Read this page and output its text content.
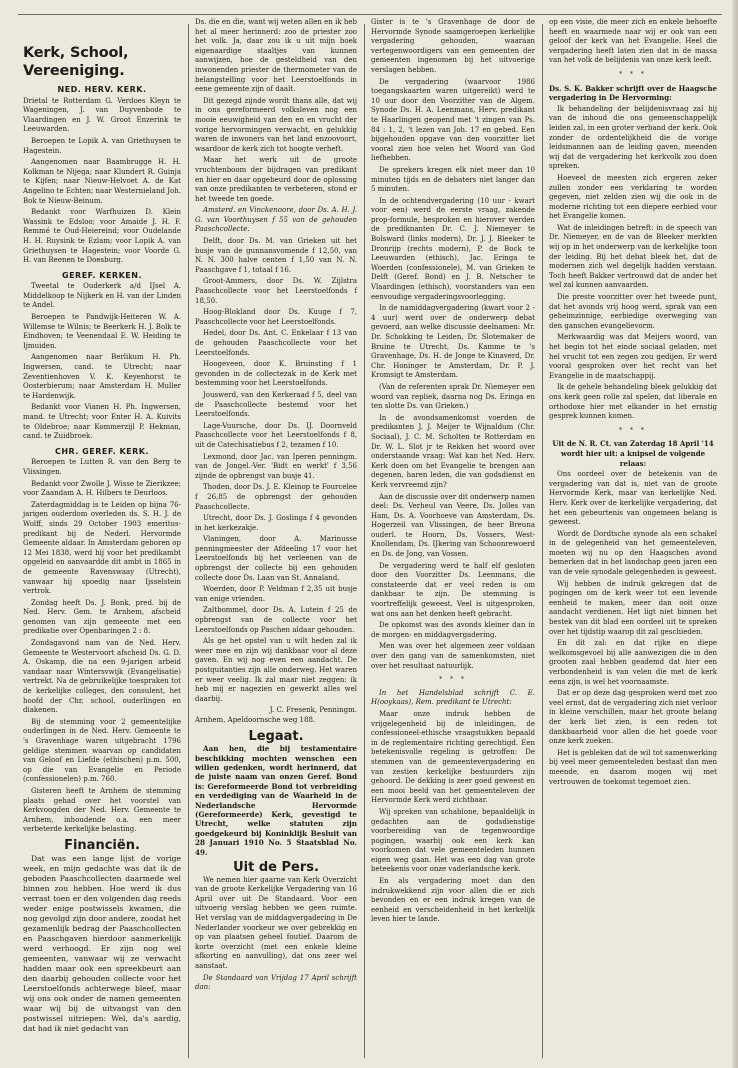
Kerk, School, Vereeniging.
NED. HERV. KERK.

Drietal te Rotterdam G. Verdoes Kleyn te Wageningen, J. van Duyvenbode te Vlaardingen en J. W. Groot Enzerink te Leeuwarden.

Beroepen te Lopik A. van Griethuysen te Hagestein.

Aangenomen naar Baambrugge H. H. Kolkman te Nijega; naar Klundert R. Guinja te Kijfen; naar Nieuw-Helvoet A. de Kat Angelino te Echten; naar Westernieland Joh. Bok te Nieuw-Beinum.

Bedankt voor Warfhuizen D. Klein Wassink te Edsloo; voor Amaide J. H. F. Remmé te Oud-Heiereind; voor Oudelande H. H. Ruysink te Ezlam; voor Lopik A. van Griethuysen te Hagestein; voor Voorde G. H. van Reenen te Doesburg.

GEREF. KERKEN.

Tweetal te Ouderkerk a/d IJsel A. Middelkoop te Nijkerk en H. van der Linden te Andel.

Beroepen te Pandwijk-Heiteren W. A. Willemse te Wilnis; te Beerkerk H. J. Bolk te Eindhoven; te Veenendaal E. W. Heiding te Ijmuiden.

Aangenomen naar Berlikum H. Ph. Ingwersen, cand. te Utrecht; naar Zeventienhoven V. K. Keyenhorst te Oosterbierum; naar Amsterdam H. Muller te Hardenwijk.

Bedankt voor Vianen H. Ph. Ingwersen, mand. te Utrecht; voor Enter H. A. Kuivits te Oldebroe; naar Kommerzijl P. Hekman, cand. te Zuidbroek.

CHR. GEREF. KERK.

Beroepen te Lutten R. van den Berg te Vlissingen.

Bedankt voor Zwolle J. Wisse te Zierikzee; voor Zaandam A. H. Hilbers te Deurloos.

Zaterdagmiddag is te Leiden op bijna 76-jarigen ouderdom overleden ds. S. H. J. de Wolff, sinds 29 October 1903 emeritus-predikant bij de Nederl. Hervormde Gemeente aldaar. In Amsterdam geboren op 12 Mei 1838, werd hij voor het predikambt opgeleid en aanvaardde dit ambt in 1865 in de gemeente Ravenswaay (Utrecht), vanwaar hij spoedig naar Ijsselstein vertrok.

Zondag heeft Ds. J. Bonk, pred. bij de Ned. Herv. Gem. te Arnhem, afscheid genomen van zijn gemeente met een predikatie over Openbaringen 2 : 8.

Zondagavond nam van de Ned. Herv. Gemeente te Westervoort afscheid Ds. G. D. A. Oskamp, die na een 9-jarigen arbeid vandaar naar Wintersvwijk (Evangelisatie) vertrekt. Na de gebruikelijke toespraken tot de kerkelijke colleges, den consulent, het hoofd der Chr. school, ouderlingen en diakenen.

Bij de stemming voor 2 gemeentelijke ouderlingen in de Ned. Herv. Gemeente te 's Gravenhage waren uitgebracht 1796 geldige stemmen waarvan op candidaten van Geloof en Liefde (ethischen) p.m. 500, op die van Evangelie en Periode (confessionelen) p.m. 760.

Gisteren heeft te Arnhem de stemming plaats gehad over het voorstel van Kerkvoogden der Ned. Herv. Gemeente te Arnhem, inhoudende o.a. een meer verbeterde kerkelijke belasting.

Financiën.

Dat was een lange lijst de vorige week, en mijn gedachte was dat ik de geboden Paaschcollecten daarmede wel binnen zou hebben. Hoe werd ik dus verrast toen er den volgenden dag reeds weder enige postwissels kwamen, die nog gevolgd zijn door andere, zoodat het gezamenlijk bedrag der Paaschcollecten en Paaschgaven hierdoor aanmerkelijk werd verhoogd. Er zijn nog wel gemeenten, vanwaar wij ze verwacht hadden maar ook een spreekbeurt aan den daarbij gehouden collecte voor het Leerstoelfonds achterwege bleef, maar wij ons ook onder de namen gemeenten waar wij bij de uitvangst van den postwissel uitriepen: Wel, da's aardig, dat had ik niet gedacht van

Ds. die en die, want wij weten allen en ik heb het al meer herinnerd: zoo de priester zoo het volk. Ja, daar zou ik u uit mijn boek eigenaardige staaltjes van kunnen aanwijzen, hoe de gesteldheid van den inwonenden priester de thermometer van de belangstelling voor het Leerstoelfonds in eene gemeente zijn of daalt.

Dit gezegd zijnde wordt thans alle, dat wij in ons gereformeerd volksleven nog een mooie eeuwigheid van den en en vrucht der vorige hervormingen verwacht, en gelukkig waren de inwoners van het land enzoovoort, waardoor de kerk zich tot hoogte verheft.

Maar het werk uit de groote vruchtenboom der bijdragen van predikant en hier en daar opgebeurd door de oplossing van onze predikanten te verbeteren, stond er het tweede ten goede.

Amsterd. en Vinckenoore, door Ds. A. H. J. G. van Voorthuysen f 55 van de gehouden Paaschcollecte.

Delft, door Ds. M. van Grieken uit het busje van de gunnansvomende f 12,50, van N. N. 300 halve centen f 1,50 van N. N. Paaschgave f 1, totaal f 16.

Groot-Ammers, door Ds. W. Zijlstra Paaschcollecte voor het Leerstoelfonds f 18,50.

Hoog-Blokland door Ds. Kuuge f 7, Paaschcollecte voor het Leerstoelfonds.

Hedel, door Ds. Ant. C. Enkelaar f 13 van de gehouden Paaschcollecte voor het Leerstoelfonds.

Hoogeveen, door K. Bruinsting f 1 gevonden in de collectezak in de Kerk met bestemming voor het Leerstoelfonds.

Jouswerd, van den Kerkeraad f 5, deel van de Paaschcollecte bestemd voor het Leerstoelfonds.

Lage-Vuursche, door Ds. IJ. Doornveld Paaschcollecte voor het Leerstoelfonds f 8, uit de Catechisatiebus f 2, tezamen f 10.

Lexmond, door Jac. van Iperen penningm. van de Jongel.-Ver. 'Bidt en werkt' f 3,56 zijnde de opbrengst van busje 41.

Thoden, door Ds. J. E. Kleinop te Fourcelee f 26,85 de opbrengst der gehouden Paaschcollecte.

Utrecht, door Ds. J. Goslinga f 4 gevonden in het kerkezakje.

Vlaningen, door A. Marinusse penningmeester der Afdeeling 17 voor het Leerstoelfonds bij het verleenen van de opbrengst der collecte bij een gehouden collecte door Ds. Laan van St. Annaland.

Woerden, door P. Veldman f 2,35 uit busje van enige vrienden.

Zaltbommel, door Ds. A. Lutein f 25 de opbrengst van de collecte voor het Leerstoelfonds op Paschen aldaar gehouden.

Als ge het opstel van u wilt heden zal ik weer mee en zijn wij dankbaar voor al deze gaven. En wij nog even een aandacht. De postquitanties zijn alle onderweg. Het waren er weer veelig. Ik zal maar niet zeggen: ik heb mij er nagezien en gewerkt alles wel daarbij.

J. C. Fresenk, Penningm.
Arnhem, Apeldoornsche weg 188.
Legaat.

Aan hen, die bij testamentaire beschikking mochten wenschen een willen gedenken, wordt herinnerd, dat de juiste naam van onzen Geref. Bond is: Gereformeerde Bond tot verbreiding en verdediging van de Waarheid in de Nederlandsche Hervormde (Gereformeerde) Kerk, gevestigd te Utrecht, welke statuten zijn goedgekeurd bij Koninklijk Besluit van 28 Januari 1910 No. 5 Staatsblad No. 49.

Uit de Pers.

We nemen hier gaarne van Kerk Overzicht van de groote Kerkelijke Vergadering van 16 April over uit De Standaard. Voor een uitvoerig verslag hebben we geen ruimte. Het verslag van de middagvergadering in De Nederlander voorkeur we over gebrekkig en op van plaatsen geheel foutief. Daarom de korte overzicht (met een enkele kleine afkorting en aanvulling), dat ons zeer wel aanstaat.

De Standaard van Vrijdag 17 April schrijft dan:

Gister is te 's Gravenhage de door de Hervormde Synode saamgeroepen kerkelijke vergadering gehouden, waaraan vertegenwoordigers van een gemeenten der gemeenten ingenomen bij het uitvoerige verslagen hebben.

De vergadering (waarvoor 1986 toegangskaarten waren uitgereikt) werd te 10 uur door den Voorzitter van de Algem. Synode Ds. H. A. Leenmans, Herv. predikant te Haarlingen geopend met 't zingen van Ps. 84 : 1, 2, 't lezen van Joh. 17 en gebed. Een bijgehouden opgave van den voorzitter liet vooral zien hoe velen het Woord van God liefhebben.

De sprekers kregen elk niet meer dan 10 minuten tijds en de debaters niet langer dan 5 minuten.

In de ochtendvergadering (10 uur - kwart voor een) werd de eerste vraag, zakende prop-formule, besproken en hierover werden de prediknanten Dr. C. J. Niemeyer te Bolsward (links modern), Dr. J. J. Bleeker te Dronrijp (rechts modern), P. de Bock te Leeuwarden (ethisch), Jac. Eringa te Woerden (confessionele), M. van Grieken te Delft (Geref. Bond) en J. B. Netscher te Vlaardingen (ethisch), voorstanders van een eenvoudige vergaderingsvoorlegging.

In de namiddagvergadering (kwart voor 2 - 4 uur) werd over de onderwerp debat gevoerd, aan welke discussie deelnamen: Mr. Dr. Schokking te Leiden, Dr. Slotemaker de Bruine te Utrecht, Ds. Kamme te 's Gravenhage, Ds. H. de Jonge te Kinaverd, Dr. Chr. Honinger te Amsterdam, Dr. P. J. Kromsigt te Amsterdam.

(Van de referenten sprak Dr. Niemeyer een woord van repliek, daarna nog Ds. Eringa en ten slotte Ds. van Grieken.)

In de avondsamenkomst voerden de predikanten J. J. Meijer te Wijnaldum (Chr. Sociaal), J. C. M. Scholten te Rotterdam en Dr. W. L. Slot jr te Rekken het woord over onderstaande vraag: Wat kan het Ned. Herv. Kerk doen om het Evangelie te brengen aan degenen, haren leden, die van godsdienst en Kerk vervreemd zijn?

Aan de discussie over dit onderwerp namen deel: Ds. Verheul van Veere, Ds. Jolles van Ham, Ds. A. Voorhoeve van Amsterdam, Ds. Hogerzeil van Vlissingen, de heer Breuna ouderl. te Hoorn, Ds. Vossers, West-Knollendam, Ds. IJkering van Schoonrewoerd en Ds. de Jong, van Vossen.

De vergadering werd te half elf gesloten door den Voorzitter Ds. Leenmans, die constateerde dat er veel reden is om dankbaar te zijn. De stemming is voortreffelijk geweest. Veel is uitgesproken, wat ons aan het denken heeft gebracht.

De opkomst was des avonds kleiner dan in de morgen- en middagvergadering.

Men was over het algemeen zeer voldaan over den gang van de samenkomsten, niet over het resultaat natuurlijk.

* * *

In het Handelsblad schrijft C. E. H(ooykaas), Rem. predikant te Utrecht:

Maar onze indruk hebben de vrijgelegenheid bij de inleidingen, de confessioneel-ethische vraagstukken bepaald in de reglementaire richting gerechtigd. Een betekenisvolle regeling is getroffen: De stemmen van de gemeentevergadering en van zestien kerkelijke bestuurders zijn gehoord. De dekking is zeer goed geweest en een mooi beeld van het gemeenteleven der Hervormde Kerk werd zichtbaar.

Wij spreken van schablone, bepaaldelijk in gedachten aan de godsdienstige voorbereiding van de tegenwoordige pogingen, waarbij ook een kerk kan voorkomen dat vele gemeenteleden hunnen eigen weg gaan. Het was een dag van grote beteekenis voor onze vaderlandsche kerk.

En als vergadering moet dan den indrukwekkend zijn voor allen die er zich bevonden en er een indruk kregen van de eenheid en verscheidenheid in het kerkelijk leven hier te lande.

op een visie, die meer zich en enkele behoefte heeft en waarmede naar wij er ook van een geloof der kerk van het Evangelie. Heel die vergadering heeft laten zien dat in de massa van het volk de belijdenis van onze kerk leeft.

* * *

Ds. S. K. Bakker schrijft over de Haagsche vergadering in De Hervorming:

Ik behandeling der belijdenisvraag zal hij van de inhoud die ons gemeenschappelijk leiden zal, in een groter verband der kerk. Ook zonder de ordentelijkheid die de vorige leidsmannen aan de leiding gaven, meenden wij dat de vergadering het kerkvolk zou doen spreken.

Hoeveel de meesten zich ergeren zeker zullen zonder een verklaring te worden gegeven, niet zelden zien wij die ook in de moderne richting tot een diepere eerbied voor het Evangelie komen.

Wat de inleidingen betreft: in de speech van Dr. Niemeyer, en de van de Bleeker merkten wij op in het onderwerp van de kerkelijke toon der leiding. Bij het debat bleek het, dat de modernen zich wel degelijk hadden verstaan. Toch heeft Bakker vertrouwd dat de ander het wel zal kunnen aanvaarden.

Die preste voorzitter over het tweede punt, dat het avonds vrij hoog werd, sprak van een geheimzinnige, eerbiedige overweging van den ganschen evangelievorm.

Merkwaardig was dat Meijers woord, van het begin tot het einde sociaal geladen, met hel vrucht tot een zegen zou gedijen. Er werd vooral gesproken over het recht van het Evangelie in de maatschappij.

Ik de gehele behandeling bleek gelukkig dat ons kerk geen rolle zal spelen, dat liberale en orthodoxe hier met elkander in het ernstig gesprek kunnen komen.

* * *

Uit de N. R. Ct. van Zaterdag 18 April '14 wordt hier uit: a knipsel de volgende relaas:

Ons oordeel over de betekenis van de vergadering van dat is, niet van de groote Hervormde Kerk, maar van kerkelijke Ned. Herv. Kerk over de kerkelijke vergadering, dat het een gebeurtenis van ongemeen belang is geweest.

Wordt de Dordtsche synode als een schakel in de gelegenheid van het gemeenteleven, moeten wij nu op den Haagschen avond bemerken dat in het landschap geen jaren een van de vele synodale gelegenheden is geweest.

Wij hebben de indruk gekregen dat de pogingen om de kerk weer tot een levende eenheid te maken, meer dan ooit onze aandacht verdienen. Het ligt niet binnen het bestek van dit blad een oordeel uit te spreken over het tijdstip waarop dit zal geschieden.

En dit zal: en dat rijke en diepe welkomsgevoel bij alle aanwezigen die in den grooten zaal hebben geademd dat hier een verbondenheid is van velen die met de kerk eens zijn, is wel het voornaamste.

Dat er op deze dag gesproken werd met zoo veel ernst, dat de vergadering zich niet verloor in kleine verschillen, maar het groote belang der kerk liet zien, is een reden tot dankbaarheid voor allen die het goede voor onze kerk zoeken.

Het is gebleken dat de wil tot samenwerking bij veel meer gemeenteleden bestaat dan men meende, en daarom mogen wij met vertrouwen de toekomst tegemoet zien.
